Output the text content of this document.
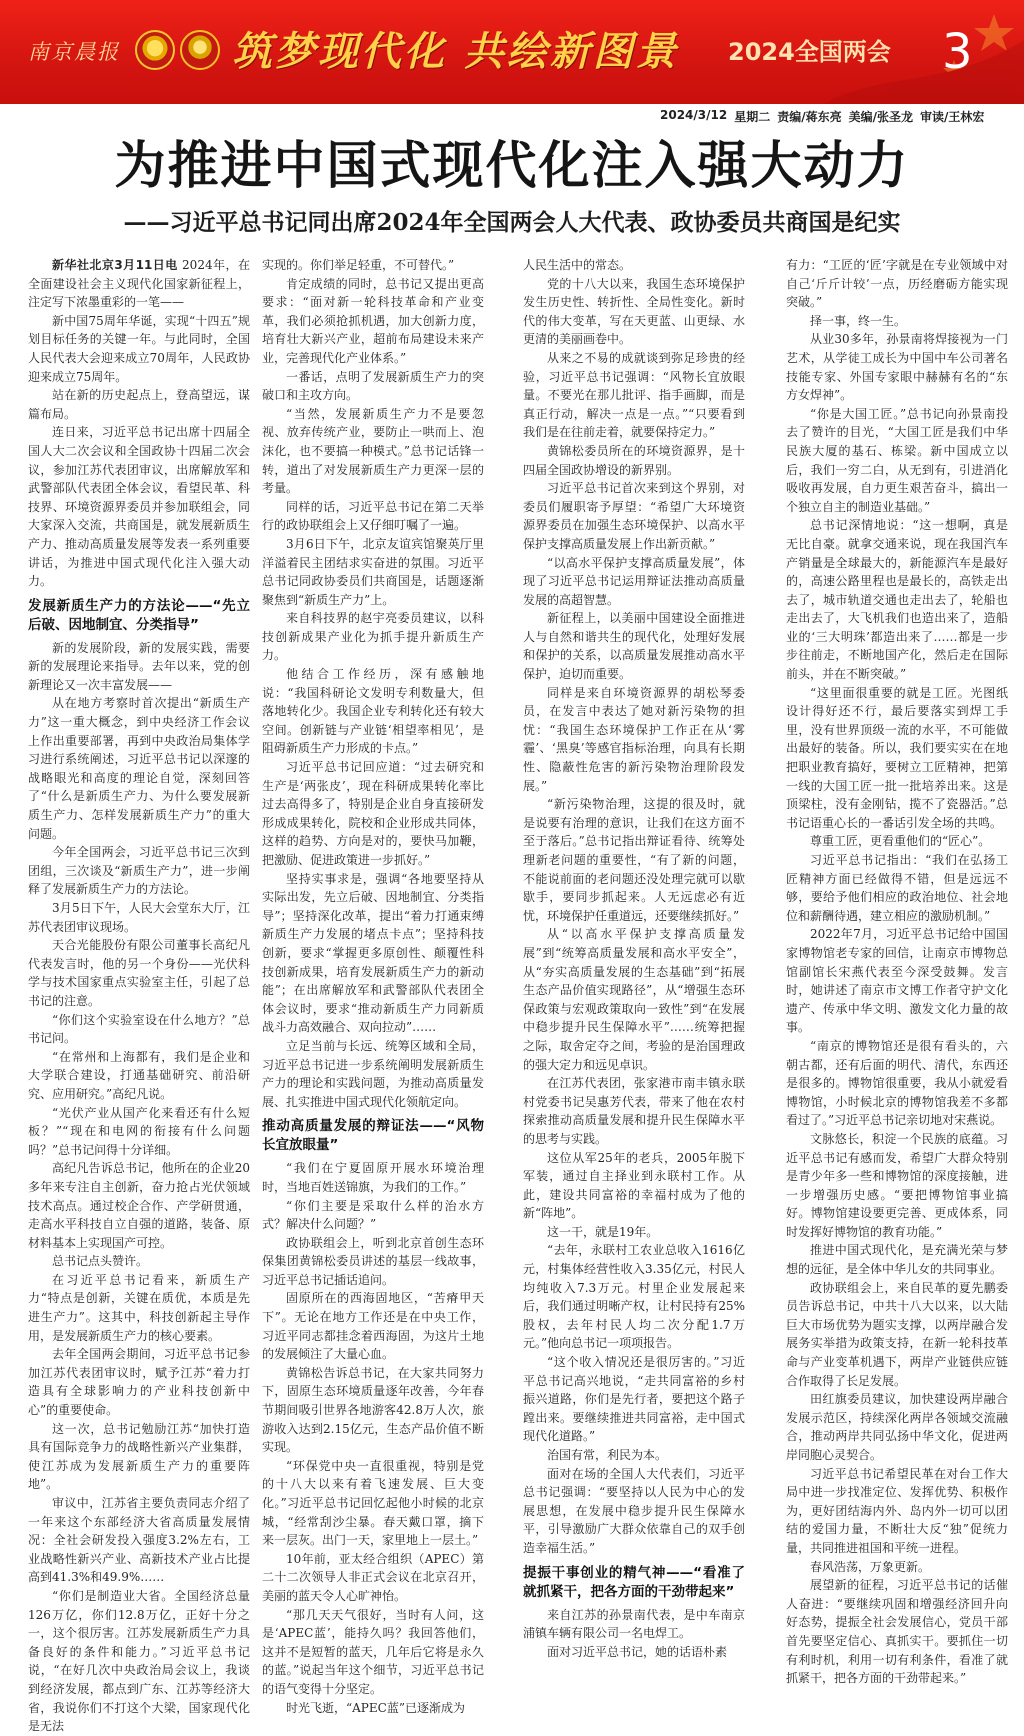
南京晨报	筑梦现代化 共绘新图景 2024全国两会 3
2024/3/12 星期二 责编/蒋东亮 美编/张圣龙 审读/王林宏
为推进中国式现代化注入强大动力
——习近平总书记同出席2024年全国两会人大代表、政协委员共商国是纪实

新华社北京3月11日电 2024年，在全面建设社会主义现代化国家新征程上，注定写下浓墨重彩的一笔——

新中国75周年华诞，实现“十四五”规划目标任务的关键一年。与此同时，全国人民代表大会迎来成立70周年，人民政协迎来成立75周年。

站在新的历史起点上，登高望远，谋篇布局。

连日来，习近平总书记出席十四届全国人大二次会议和全国政协十四届二次会议，参加江苏代表团审议，出席解放军和武警部队代表团全体会议，看望民革、科技界、环境资源界委员并参加联组会，同大家深入交流，共商国是，就发展新质生产力、推动高质量发展等发表一系列重要讲话，为推进中国式现代化注入强大动力。

发展新质生产力的方法论——“先立后破、因地制宜、分类指导”

新的发展阶段，新的发展实践，需要新的发展理论来指导。去年以来，党的创新理论又一次丰富发展——

从在地方考察时首次提出“新质生产力”这一重大概念，到中央经济工作会议上作出重要部署，再到中央政治局集体学习进行系统阐述，习近平总书记以深邃的战略眼光和高度的理论自觉，深刻回答了“什么是新质生产力、为什么要发展新质生产力、怎样发展新质生产力”的重大问题。

今年全国两会，习近平总书记三次到团组，三次谈及“新质生产力”，进一步阐释了发展新质生产力的方法论。

3月5日下午，人民大会堂东大厅，江苏代表团审议现场。

天合光能股份有限公司董事长高纪凡代表发言时，他的另一个身份——光伏科学与技术国家重点实验室主任，引起了总书记的注意。

“你们这个实验室设在什么地方？”总书记问。

“在常州和上海都有，我们是企业和大学联合建设，打通基础研究、前沿研究、应用研究。”高纪凡说。

“光伏产业从国产化来看还有什么短板？”“现在和电网的衔接有什么问题吗？”总书记问得十分详细。

高纪凡告诉总书记，他所在的企业20多年来专注自主创新，奋力抢占光伏领域技术高点。通过校企合作、产学研贯通，走高水平科技自立自强的道路，装备、原材料基本上实现国产可控。

总书记点头赞许。

在习近平总书记看来，新质生产力“特点是创新，关键在质优，本质是先进生产力”。这其中，科技创新起主导作用，是发展新质生产力的核心要素。

去年全国两会期间，习近平总书记参加江苏代表团审议时，赋予江苏“着力打造具有全球影响力的产业科技创新中心”的重要使命。

这一次，总书记勉励江苏“加快打造具有国际竞争力的战略性新兴产业集群，使江苏成为发展新质生产力的重要阵地”。

审议中，江苏省主要负责同志介绍了一年来这个东部经济大省高质量发展情况：全社会研发投入强度3.2%左右，工业战略性新兴产业、高新技术产业占比提高到41.3%和49.9%……

“你们是制造业大省。全国经济总量126万亿，你们12.8万亿，正好十分之一，这个很厉害。江苏发展新质生产力具备良好的条件和能力。”习近平总书记说，“在好几次中央政治局会议上，我谈到经济发展，都点到广东、江苏等经济大省，我说你们不打这个大梁，国家现代化是无法

实现的。你们举足轻重，不可替代。”

肯定成绩的同时，总书记又提出更高要求：“面对新一轮科技革命和产业变革，我们必须抢抓机遇，加大创新力度，培育壮大新兴产业，超前布局建设未来产业，完善现代化产业体系。”

一番话，点明了发展新质生产力的突破口和主攻方向。

“当然，发展新质生产力不是要忽视、放弃传统产业，要防止一哄而上、泡沫化，也不要搞一种模式。”总书记话锋一转，道出了对发展新质生产力更深一层的考量。

同样的话，习近平总书记在第二天举行的政协联组会上又仔细叮嘱了一遍。

3月6日下午，北京友谊宾馆聚英厅里洋溢着民主团结求实奋进的氛围。习近平总书记同政协委员们共商国是，话题逐渐聚焦到“新质生产力”上。

来自科技界的赵宇亮委员建议，以科技创新成果产业化为抓手提升新质生产力。

他结合工作经历，深有感触地说：“我国科研论文发明专利数量大，但落地转化少。我国企业专利转化还有较大空间。创新链与产业链‘相望率相见’，是阻碍新质生产力形成的卡点。”

习近平总书记回应道：“过去研究和生产是‘两张皮’，现在科研成果转化率比过去高得多了，特别是企业自身直接研发形成成果转化，院校和企业形成共同体，这样的趋势、方向是对的，要快马加鞭，把激励、促进政策进一步抓好。”

坚持实事求是，强调“各地要坚持从实际出发，先立后破、因地制宜、分类指导”；坚持深化改革，提出“着力打通束缚新质生产力发展的堵点卡点”；坚持科技创新，要求“掌握更多原创性、颠覆性科技创新成果，培育发展新质生产力的新动能”；在出席解放军和武警部队代表团全体会议时，要求“推动新质生产力同新质战斗力高效融合、双向拉动”……

立足当前与长远、统筹区域和全局，习近平总书记进一步系统阐明发展新质生产力的理论和实践问题，为推动高质量发展、扎实推进中国式现代化领航定向。

推动高质量发展的辩证法——“风物长宜放眼量”

“我们在宁夏固原开展水环境治理时，当地百姓送锦旗，为我们的工作。”

“你们主要是采取什么样的治水方式？解决什么问题？”

政协联组会上，听到北京首创生态环保集团黄锦松委员讲述的基层一线故事，习近平总书记插话追问。

固原所在的西海固地区，“苦瘠甲天下”。无论在地方工作还是在中央工作，习近平同志都挂念着西海固，为这片土地的发展倾注了大量心血。

黄锦松告诉总书记，在大家共同努力下，固原生态环境质量逐年改善，今年春节期间吸引世界各地游客42.8万人次，旅游收入达到2.15亿元，生态产品价值不断实现。

“环保党中央一直很重视，特别是党的十八大以来有着飞速发展、巨大变化。”习近平总书记回忆起他小时候的北京城，“经常刮沙尘暴。春天戴口罩，摘下来一层灰。出门一天，家里地上一层土。”

10年前，亚太经合组织（APEC）第二十二次领导人非正式会议在北京召开，美丽的蓝天令人心旷神怡。

“那几天天气很好，当时有人问，这是‘APEC蓝’，能持久吗？我回答他们，这并不是短暂的蓝天，几年后它将是永久的蓝。”说起当年这个细节，习近平总书记的语气变得十分坚定。

时光飞逝，“APEC蓝”已逐渐成为

人民生活中的常态。

党的十八大以来，我国生态环境保护发生历史性、转折性、全局性变化。新时代的伟大变革，写在天更蓝、山更绿、水更清的美丽画卷中。

从来之不易的成就谈到弥足珍贵的经验，习近平总书记强调：“风物长宜放眼量。不要光在那儿批评、指手画脚，而是真正行动，解决一点是一点。”“只要看到我们是在往前走着，就要保持定力。”

黄锦松委员所在的环境资源界，是十四届全国政协增设的新界别。

习近平总书记首次来到这个界别，对委员们履职寄予厚望：“希望广大环境资源界委员在加强生态环境保护、以高水平保护支撑高质量发展上作出新贡献。”

“以高水平保护支撑高质量发展”，体现了习近平总书记运用辩证法推动高质量发展的高超智慧。

新征程上，以美丽中国建设全面推进人与自然和谐共生的现代化，处理好发展和保护的关系，以高质量发展推动高水平保护，迫切而重要。

同样是来自环境资源界的胡松琴委员，在发言中表达了她对新污染物的担忧：“我国生态环境保护工作正在从‘雾霾’、‘黑臭’等感官指标治理，向具有长期性、隐蔽性危害的新污染物治理阶段发展。”

“新污染物治理，这提的很及时，就是说要有治理的意识，让我们在这方面不至于落后。”总书记指出辩证看待、统筹处理新老问题的重要性，“有了新的问题，不能说前面的老问题还没处理完就可以歇歇手，要同步抓起来。人无远虑必有近忧，环境保护任重道远，还要继续抓好。”

从“以高水平保护支撑高质量发展”到“统筹高质量发展和高水平安全”，从“夯实高质量发展的生态基础”到“拓展生态产品价值实现路径”，从“增强生态环保政策与宏观政策取向一致性”到“在发展中稳步提升民生保障水平”……统筹把握之际，取舍定夺之间，考验的是治国理政的强大定力和远见卓识。

在江苏代表团，张家港市南丰镇永联村党委书记吴惠芳代表，带来了他在农村探索推动高质量发展和提升民生保障水平的思考与实践。

这位从军25年的老兵，2005年脱下军装，通过自主择业到永联村工作。从此，建设共同富裕的幸福村成为了他的新“阵地”。

这一干，就是19年。

“去年，永联村工农业总收入1616亿元，村集体经营性收入3.35亿元，村民人均纯收入7.3万元。村里企业发展起来后，我们通过明晰产权，让村民持有25%股权，去年村民人均二次分配1.7万元。”他向总书记一项项报告。

“这个收入情况还是很厉害的。”习近平总书记高兴地说，“走共同富裕的乡村振兴道路，你们是先行者，要把这个路子蹚出来。要继续推进共同富裕，走中国式现代化道路。”

治国有常，利民为本。

面对在场的全国人大代表们，习近平总书记强调：“要坚持以人民为中心的发展思想，在发展中稳步提升民生保障水平，引导激励广大群众依靠自己的双手创造幸福生活。”

提振干事创业的精气神——“看准了就抓紧干，把各方面的干劲带起来”

来自江苏的孙景南代表，是中车南京浦镇车辆有限公司一名电焊工。

面对习近平总书记，她的话语朴素

有力：“工匠的‘匠’字就是在专业领域中对自己‘斤斤计较’一点，历经磨砺方能实现突破。”

择一事，终一生。

从业30多年，孙景南将焊接视为一门艺术，从学徒工成长为中国中车公司著名技能专家、外国专家眼中赫赫有名的“东方女焊神”。

“你是大国工匠。”总书记向孙景南投去了赞许的目光，“大国工匠是我们中华民族大厦的基石、栋梁。新中国成立以后，我们一穷二白，从无到有，引进消化吸收再发展，自力更生艰苦奋斗，搞出一个独立自主的制造业基础。”

总书记深情地说：“这一想啊，真是无比自豪。就拿交通来说，现在我国汽车产销量是全球最大的，新能源汽车是最好的，高速公路里程也是最长的，高铁走出去了，城市轨道交通也走出去了，轮船也走出去了，大飞机我们也造出来了，造船业的‘三大明珠’都造出来了……都是一步步往前走，不断地国产化，然后走在国际前头，并在不断突破。”

“这里面很重要的就是工匠。光图纸设计得好还不行，最后要落实到焊工手里，没有世界顶级一流的水平，不可能做出最好的装备。所以，我们要实实在在地把职业教育搞好，要树立工匠精神，把第一线的大国工匠一批一批培养出来。这是顶梁柱，没有金刚钻，揽不了瓷器活。”总书记语重心长的一番话引发全场的共鸣。

尊重工匠，更看重他们的“匠心”。

习近平总书记指出：“我们在弘扬工匠精神方面已经做得不错，但是远远不够，要给予他们相应的政治地位、社会地位和薪酬待遇，建立相应的激励机制。”

2022年7月，习近平总书记给中国国家博物馆老专家的回信，让南京市博物总馆副馆长宋燕代表至今深受鼓舞。发言时，她讲述了南京市文博工作者守护文化遗产、传承中华文明、激发文化力量的故事。

“南京的博物馆还是很有看头的，六朝古都，还有后面的明代、清代，东西还是很多的。博物馆很重要，我从小就爱看博物馆，小时候北京的博物馆我差不多都看过了。”习近平总书记亲切地对宋燕说。

文脉悠长，积淀一个民族的底蕴。习近平总书记有感而发，希望广大群众特别是青少年多一些和博物馆的深度接触，进一步增强历史感。“要把博物馆事业搞好。博物馆建设要更完善、更成体系，同时发挥好博物馆的教育功能。”

推进中国式现代化，是充满光荣与梦想的远征，是全体中华儿女的共同事业。

政协联组会上，来自民革的夏先鹏委员告诉总书记，中共十八大以来，以大陆巨大市场优势为题实支撑，以两岸融合发展务实举措为政策支持，在新一轮科技革命与产业变革机遇下，两岸产业链供应链合作取得了长足发展。

田红旗委员建议，加快建设两岸融合发展示范区，持续深化两岸各领域交流融合，推动两岸共同弘扬中华文化，促进两岸同胞心灵契合。

习近平总书记希望民革在对台工作大局中进一步找准定位、发挥优势、积极作为，更好团结海内外、岛内外一切可以团结的爱国力量，不断壮大反“独”促统力量，共同推进祖国和平统一进程。

春风浩荡，万象更新。

展望新的征程，习近平总书记的话催人奋进：“要继续巩固和增强经济回升向好态势，提振全社会发展信心，党员干部首先要坚定信心、真抓实干。要抓住一切有利时机，利用一切有利条件，看准了就抓紧干，把各方面的干劲带起来。”
